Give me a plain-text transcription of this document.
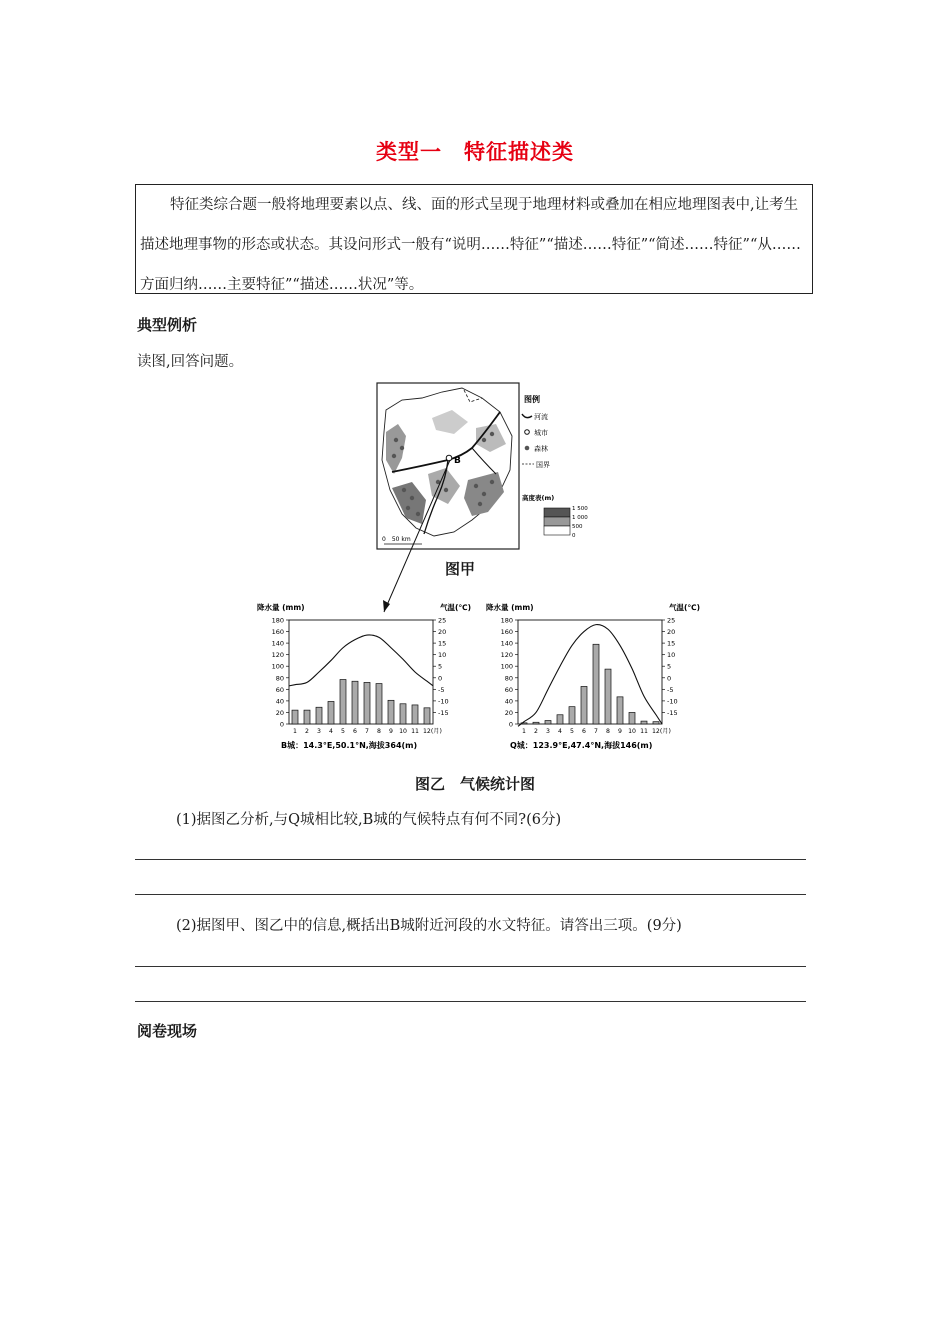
类型一　特征描述类
特征类综合题一般将地理要素以点、线、面的形式呈现于地理材料或叠加在相应地理图表中,让考生描述地理事物的形态或状态。其设问形式一般有“说明……特征”“描述……特征”“简述……特征”“从……方面归纳……主要特征”“描述……状况”等。
典型例析
读图,回答问题。
B
0　50 km
图例
河流
城市
森林
国界
高度表(m)
1 500
1 000
500
0
图甲
降水量 (mm)	气温(℃)
0
20
40
60
80
100
120
140
160
180	25
20
15
10
5
0
-5
-10
-15
1 2 3 4 5 6 7 8 9 10 11 12(月)
B城：14.3°E,50.1°N,海拔364(m)
降水量 (mm)	气温(℃)
0
20
40
60
80
100
120
140
160
180	25
20
15
10
5
0
-5
-10
-15
1 2 3 4 5 6 7 8 9 10 11 12(月)
Q城：123.9°E,47.4°N,海拔146(m)
图乙　气候统计图
(1)据图乙分析,与Q城相比较,B城的气候特点有何不同?(6分)
(2)据图甲、图乙中的信息,概括出B城附近河段的水文特征。请答出三项。(9分)
阅卷现场
